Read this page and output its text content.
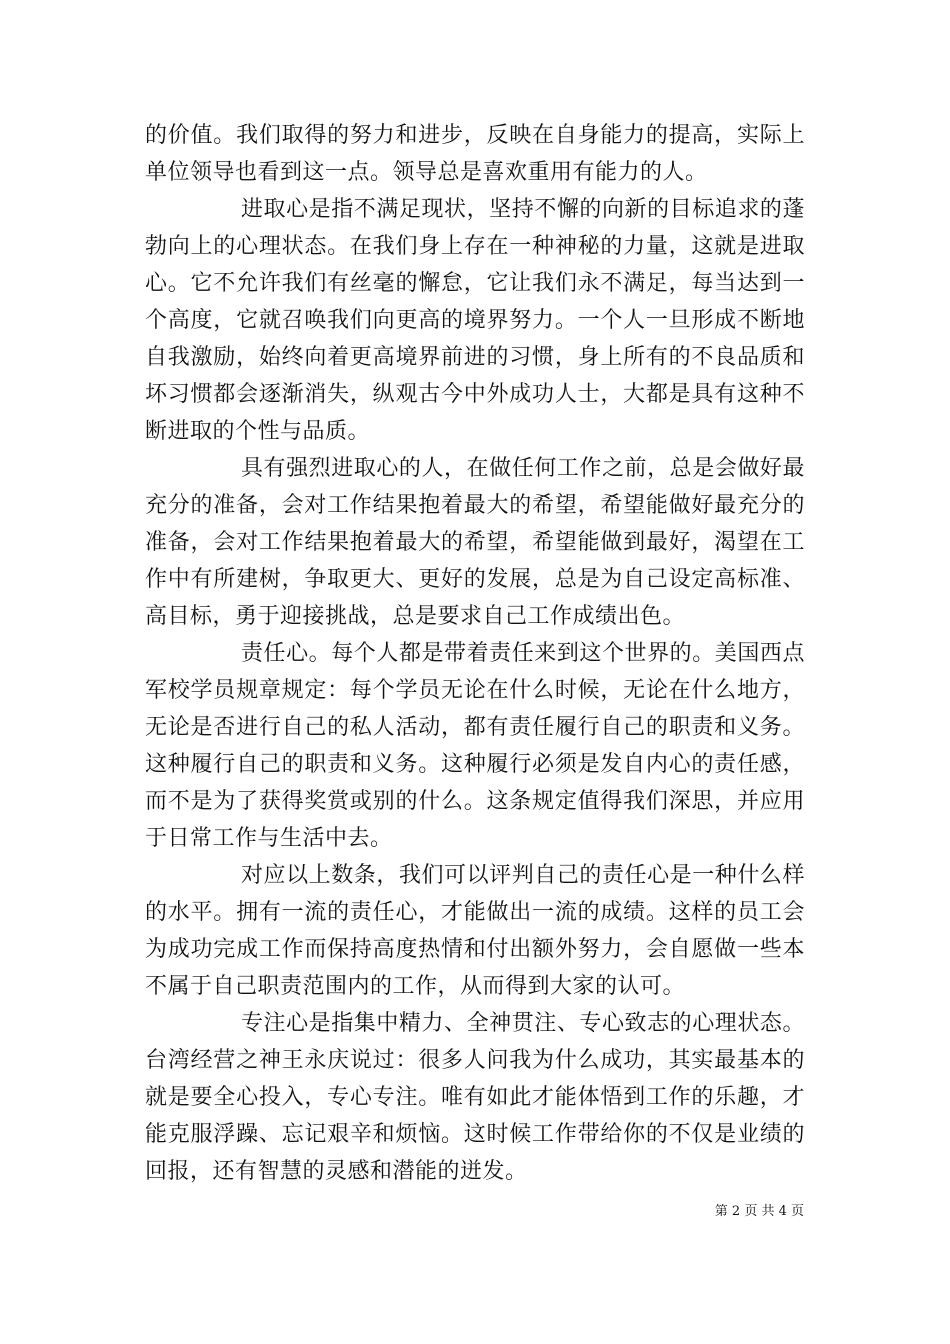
的价值。我们取得的努力和进步，反映在自身能力的提高，实际上单位领导也看到这一点。领导总是喜欢重用有能力的人。

进取心是指不满足现状，坚持不懈的向新的目标追求的蓬勃向上的心理状态。在我们身上存在一种神秘的力量，这就是进取心。它不允许我们有丝毫的懈怠，它让我们永不满足，每当达到一个高度，它就召唤我们向更高的境界努力。一个人一旦形成不断地自我激励，始终向着更高境界前进的习惯，身上所有的不良品质和坏习惯都会逐渐消失，纵观古今中外成功人士，大都是具有这种不断进取的个性与品质。

具有强烈进取心的人，在做任何工作之前，总是会做好最充分的准备，会对工作结果抱着最大的希望，希望能做好最充分的准备，会对工作结果抱着最大的希望，希望能做到最好，渴望在工作中有所建树，争取更大、更好的发展，总是为自己设定高标准、高目标，勇于迎接挑战，总是要求自己工作成绩出色。

责任心。每个人都是带着责任来到这个世界的。美国西点军校学员规章规定：每个学员无论在什么时候，无论在什么地方，无论是否进行自己的私人活动，都有责任履行自己的职责和义务。这种履行自己的职责和义务。这种履行必须是发自内心的责任感，而不是为了获得奖赏或别的什么。这条规定值得我们深思，并应用于日常工作与生活中去。

对应以上数条，我们可以评判自己的责任心是一种什么样的水平。拥有一流的责任心，才能做出一流的成绩。这样的员工会为成功完成工作而保持高度热情和付出额外努力，会自愿做一些本不属于自己职责范围内的工作，从而得到大家的认可。

专注心是指集中精力、全神贯注、专心致志的心理状态。台湾经营之神王永庆说过：很多人问我为什么成功，其实最基本的就是要全心投入，专心专注。唯有如此才能体悟到工作的乐趣，才能克服浮躁、忘记艰辛和烦恼。这时候工作带给你的不仅是业绩的回报，还有智慧的灵感和潜能的迸发。

第 2 页 共 4 页
